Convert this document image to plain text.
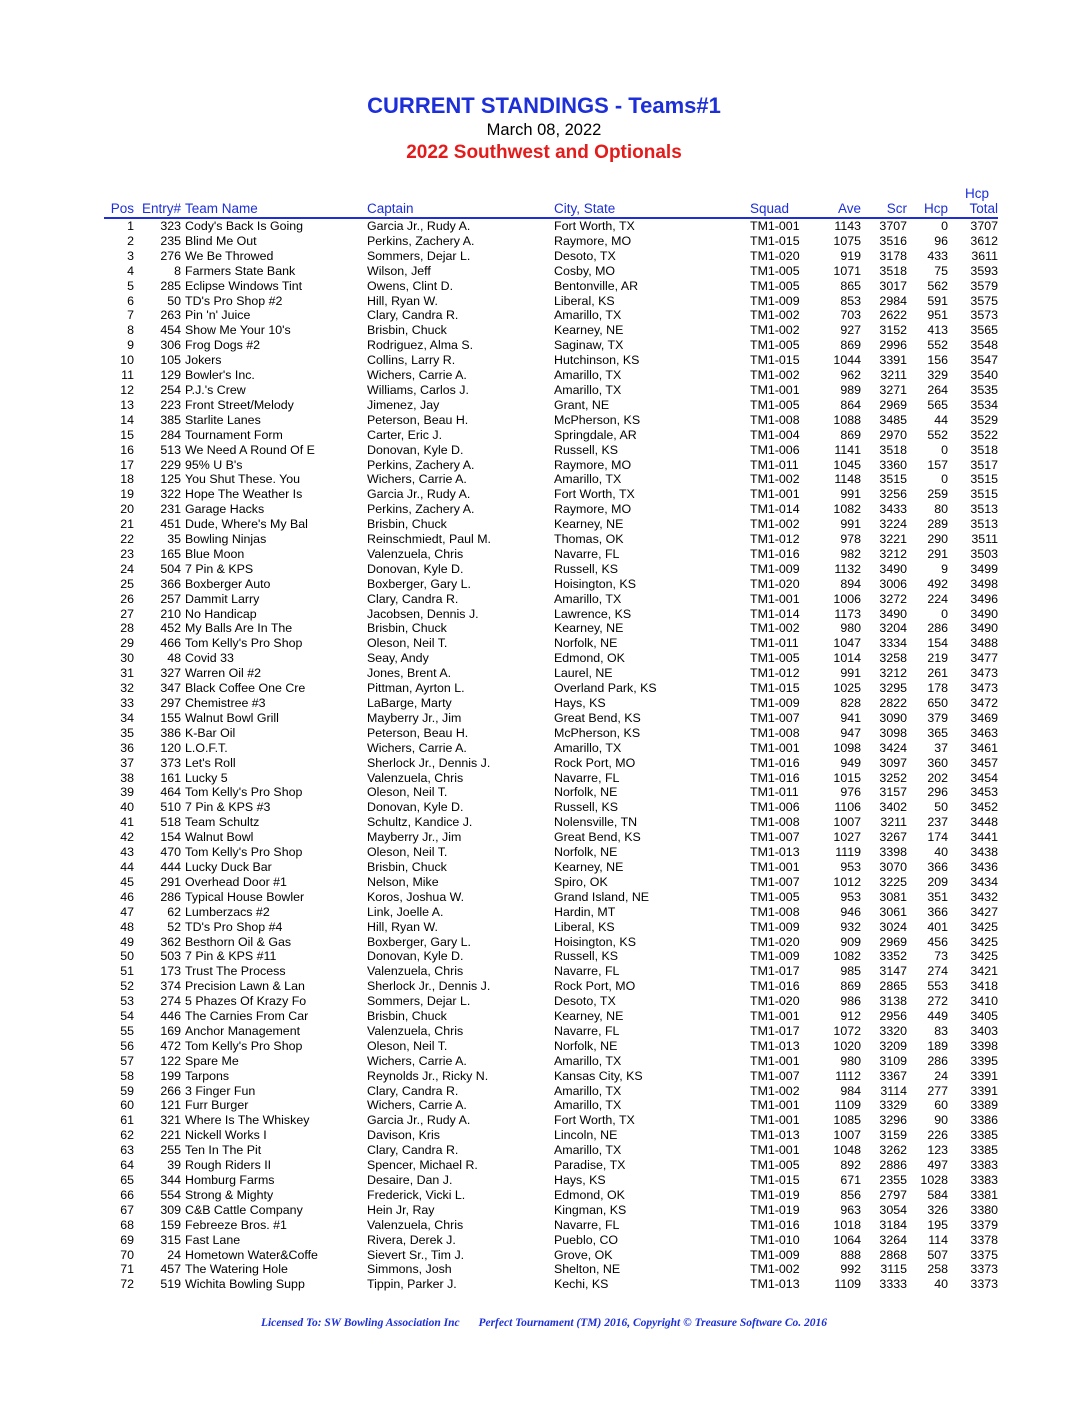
CURRENT STANDINGS - Teams#1
March 08, 2022
2022 Southwest and Optionals
Pos	Entry#	Team Name	Captain	City, State	Squad	Ave	Scr	Hcp	Hcp
Total

1	323	Cody's Back Is Going	Garcia Jr., Rudy A.	Fort Worth, TX	TM1-001	1143	3707	0	3707
2	235	Blind Me Out	Perkins, Zachery A.	Raymore, MO	TM1-015	1075	3516	96	3612
3	276	We Be Throwed	Sommers, Dejar L.	Desoto, TX	TM1-020	919	3178	433	3611
4	8	Farmers State Bank	Wilson, Jeff	Cosby, MO	TM1-005	1071	3518	75	3593
5	285	Eclipse Windows Tint	Owens, Clint D.	Bentonville, AR	TM1-005	865	3017	562	3579
6	50	TD's Pro Shop #2	Hill, Ryan W.	Liberal, KS	TM1-009	853	2984	591	3575
7	263	Pin 'n' Juice	Clary, Candra R.	Amarillo, TX	TM1-002	703	2622	951	3573
8	454	Show Me Your 10's	Brisbin, Chuck	Kearney, NE	TM1-002	927	3152	413	3565
9	306	Frog Dogs #2	Rodriguez, Alma S.	Saginaw, TX	TM1-005	869	2996	552	3548
10	105	Jokers	Collins, Larry R.	Hutchinson, KS	TM1-015	1044	3391	156	3547
11	129	Bowler's Inc.	Wichers, Carrie A.	Amarillo, TX	TM1-002	962	3211	329	3540
12	254	P.J.'s Crew	Williams, Carlos J.	Amarillo, TX	TM1-001	989	3271	264	3535
13	223	Front Street/Melody	Jimenez, Jay	Grant, NE	TM1-005	864	2969	565	3534
14	385	Starlite Lanes	Peterson, Beau H.	McPherson, KS	TM1-008	1088	3485	44	3529
15	284	Tournament Form	Carter, Eric J.	Springdale, AR	TM1-004	869	2970	552	3522
16	513	We Need A Round Of E	Donovan, Kyle D.	Russell, KS	TM1-006	1141	3518	0	3518
17	229	95% U B's	Perkins, Zachery A.	Raymore, MO	TM1-011	1045	3360	157	3517
18	125	You Shut These. You	Wichers, Carrie A.	Amarillo, TX	TM1-002	1148	3515	0	3515
19	322	Hope The Weather Is	Garcia Jr., Rudy A.	Fort Worth, TX	TM1-001	991	3256	259	3515
20	231	Garage Hacks	Perkins, Zachery A.	Raymore, MO	TM1-014	1082	3433	80	3513
21	451	Dude, Where's My Bal	Brisbin, Chuck	Kearney, NE	TM1-002	991	3224	289	3513
22	35	Bowling Ninjas	Reinschmiedt, Paul M.	Thomas, OK	TM1-012	978	3221	290	3511
23	165	Blue Moon	Valenzuela, Chris	Navarre, FL	TM1-016	982	3212	291	3503
24	504	7 Pin & KPS	Donovan, Kyle D.	Russell, KS	TM1-009	1132	3490	9	3499
25	366	Boxberger Auto	Boxberger, Gary L.	Hoisington, KS	TM1-020	894	3006	492	3498
26	257	Dammit Larry	Clary, Candra R.	Amarillo, TX	TM1-001	1006	3272	224	3496
27	210	No Handicap	Jacobsen, Dennis J.	Lawrence, KS	TM1-014	1173	3490	0	3490
28	452	My Balls Are In The	Brisbin, Chuck	Kearney, NE	TM1-002	980	3204	286	3490
29	466	Tom Kelly's Pro Shop	Oleson, Neil T.	Norfolk, NE	TM1-011	1047	3334	154	3488
30	48	Covid 33	Seay, Andy	Edmond, OK	TM1-005	1014	3258	219	3477
31	327	Warren Oil #2	Jones, Brent A.	Laurel, NE	TM1-012	991	3212	261	3473
32	347	Black Coffee One Cre	Pittman, Ayrton L.	Overland Park, KS	TM1-015	1025	3295	178	3473
33	297	Chemistree #3	LaBarge, Marty	Hays, KS	TM1-009	828	2822	650	3472
34	155	Walnut Bowl Grill	Mayberry Jr., Jim	Great Bend, KS	TM1-007	941	3090	379	3469
35	386	K-Bar Oil	Peterson, Beau H.	McPherson, KS	TM1-008	947	3098	365	3463
36	120	L.O.F.T.	Wichers, Carrie A.	Amarillo, TX	TM1-001	1098	3424	37	3461
37	373	Let's Roll	Sherlock Jr., Dennis J.	Rock Port, MO	TM1-016	949	3097	360	3457
38	161	Lucky 5	Valenzuela, Chris	Navarre, FL	TM1-016	1015	3252	202	3454
39	464	Tom Kelly's Pro Shop	Oleson, Neil T.	Norfolk, NE	TM1-011	976	3157	296	3453
40	510	7 Pin & KPS #3	Donovan, Kyle D.	Russell, KS	TM1-006	1106	3402	50	3452
41	518	Team Schultz	Schultz, Kandice J.	Nolensville, TN	TM1-008	1007	3211	237	3448
42	154	Walnut Bowl	Mayberry Jr., Jim	Great Bend, KS	TM1-007	1027	3267	174	3441
43	470	Tom Kelly's Pro Shop	Oleson, Neil T.	Norfolk, NE	TM1-013	1119	3398	40	3438
44	444	Lucky Duck Bar	Brisbin, Chuck	Kearney, NE	TM1-001	953	3070	366	3436
45	291	Overhead Door #1	Nelson, Mike	Spiro, OK	TM1-007	1012	3225	209	3434
46	286	Typical House Bowler	Koros, Joshua W.	Grand Island, NE	TM1-005	953	3081	351	3432
47	62	Lumberzacs #2	Link, Joelle A.	Hardin, MT	TM1-008	946	3061	366	3427
48	52	TD's Pro Shop #4	Hill, Ryan W.	Liberal, KS	TM1-009	932	3024	401	3425
49	362	Besthorn Oil & Gas	Boxberger, Gary L.	Hoisington, KS	TM1-020	909	2969	456	3425
50	503	7 Pin & KPS #11	Donovan, Kyle D.	Russell, KS	TM1-009	1082	3352	73	3425
51	173	Trust The Process	Valenzuela, Chris	Navarre, FL	TM1-017	985	3147	274	3421
52	374	Precision Lawn & Lan	Sherlock Jr., Dennis J.	Rock Port, MO	TM1-016	869	2865	553	3418
53	274	5 Phazes Of Krazy Fo	Sommers, Dejar L.	Desoto, TX	TM1-020	986	3138	272	3410
54	446	The Carnies From Car	Brisbin, Chuck	Kearney, NE	TM1-001	912	2956	449	3405
55	169	Anchor Management	Valenzuela, Chris	Navarre, FL	TM1-017	1072	3320	83	3403
56	472	Tom Kelly's Pro Shop	Oleson, Neil T.	Norfolk, NE	TM1-013	1020	3209	189	3398
57	122	Spare Me	Wichers, Carrie A.	Amarillo, TX	TM1-001	980	3109	286	3395
58	199	Tarpons	Reynolds Jr., Ricky N.	Kansas City, KS	TM1-007	1112	3367	24	3391
59	266	3 Finger Fun	Clary, Candra R.	Amarillo, TX	TM1-002	984	3114	277	3391
60	121	Furr Burger	Wichers, Carrie A.	Amarillo, TX	TM1-001	1109	3329	60	3389
61	321	Where Is The Whiskey	Garcia Jr., Rudy A.	Fort Worth, TX	TM1-001	1085	3296	90	3386
62	221	Nickell Works I	Davison, Kris	Lincoln, NE	TM1-013	1007	3159	226	3385
63	255	Ten In The Pit	Clary, Candra R.	Amarillo, TX	TM1-001	1048	3262	123	3385
64	39	Rough Riders II	Spencer, Michael R.	Paradise, TX	TM1-005	892	2886	497	3383
65	344	Homburg Farms	Desaire, Dan J.	Hays, KS	TM1-015	671	2355	1028	3383
66	554	Strong & Mighty	Frederick, Vicki L.	Edmond, OK	TM1-019	856	2797	584	3381
67	309	C&B Cattle Company	Hein Jr, Ray	Kingman, KS	TM1-019	963	3054	326	3380
68	159	Febreeze Bros. #1	Valenzuela, Chris	Navarre, FL	TM1-016	1018	3184	195	3379
69	315	Fast Lane	Rivera, Derek J.	Pueblo, CO	TM1-010	1064	3264	114	3378
70	24	Hometown Water&Coffe	Sievert Sr., Tim J.	Grove, OK	TM1-009	888	2868	507	3375
71	457	The Watering Hole	Simmons, Josh	Shelton, NE	TM1-002	992	3115	258	3373
72	519	Wichita Bowling Supp	Tippin, Parker J.	Kechi, KS	TM1-013	1109	3333	40	3373
Licensed To: SW Bowling Association Inc Perfect Tournament (TM) 2016, Copyright © Treasure Software Co. 2016
